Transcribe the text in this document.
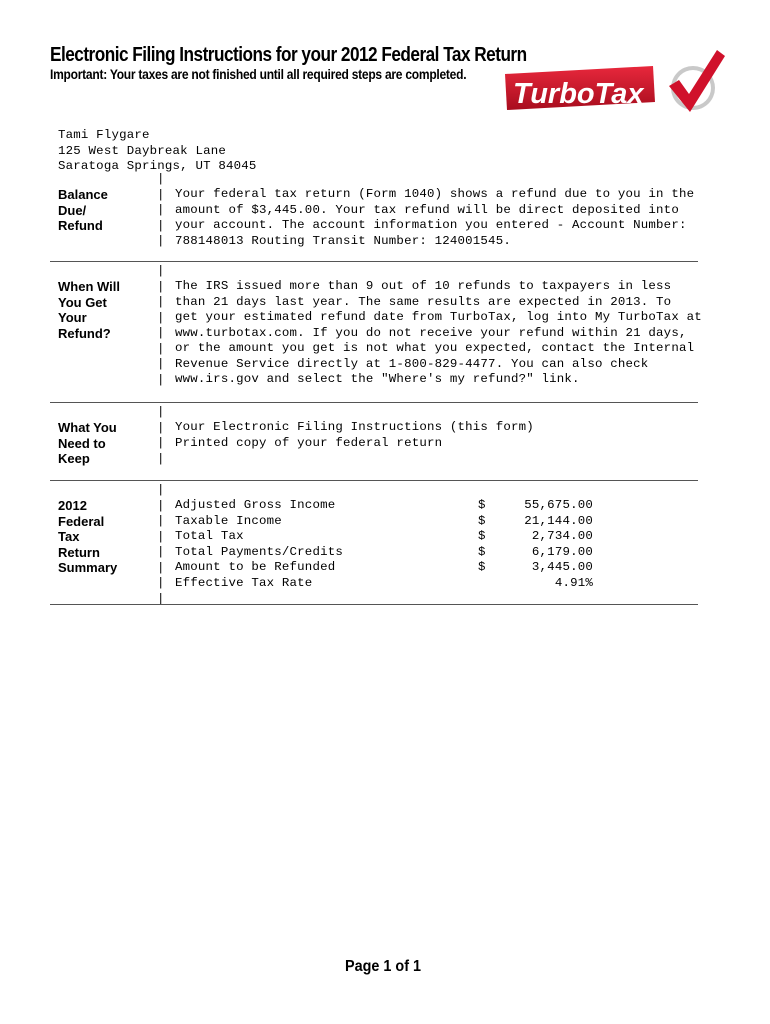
Electronic Filing Instructions for your 2012 Federal Tax Return
Important: Your taxes are not finished until all required steps are completed.
TurboTax
Tami Flygare
125 West Daybreak Lane
Saratoga Springs, UT 84045
Balance
Due/
Refund
|
|
|
|
|
Your federal tax return (Form 1040) shows a refund due to you in the
amount of $3,445.00. Your tax refund will be direct deposited into
your account. The account information you entered - Account Number:
788148013 Routing Transit Number: 124001545.
When Will
You Get
Your
Refund?
|
|
|
|
|
|
|
|
The IRS issued more than 9 out of 10 refunds to taxpayers in less
than 21 days last year. The same results are expected in 2013. To
get your estimated refund date from TurboTax, log into My TurboTax at
www.turbotax.com. If you do not receive your refund within 21 days,
or the amount you get is not what you expected, contact the Internal
Revenue Service directly at 1-800-829-4477. You can also check
www.irs.gov and select the "Where's my refund?" link.
What You
Need to
Keep
|
|
|
|
Your Electronic Filing Instructions (this form)
Printed copy of your federal return
2012
Federal
Tax
Return
Summary
|
|
|
|
|
|
|
|
Adjusted Gross Income	$	55,675.00
Taxable Income	$	21,144.00
Total Tax	$	2,734.00
Total Payments/Credits	$	6,179.00
Amount to be Refunded	$	3,445.00
Effective Tax Rate	4.91%
Page 1 of 1
